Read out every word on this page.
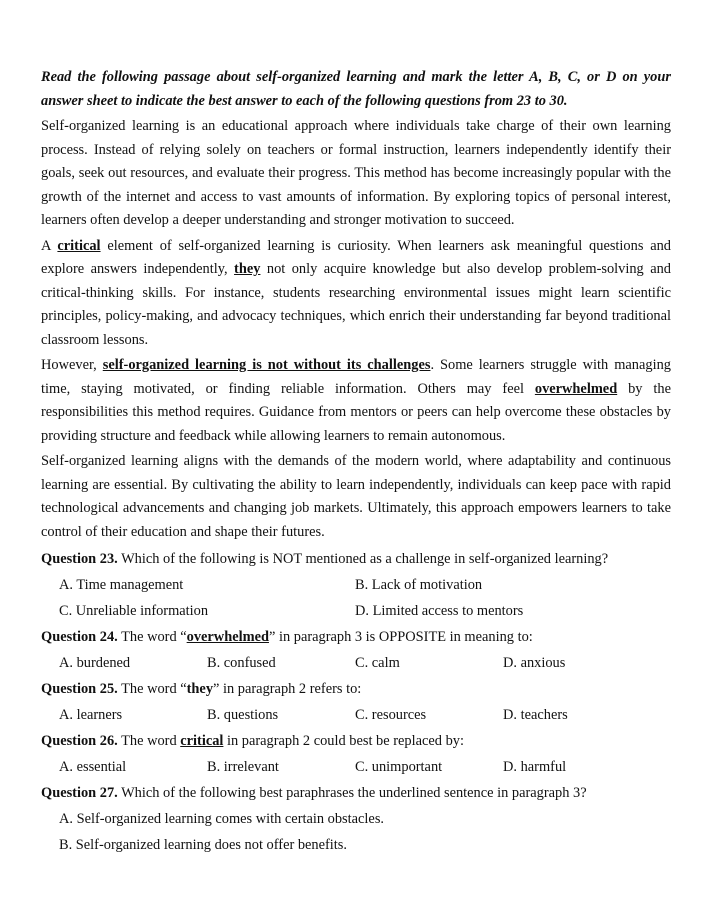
Read the following passage about self-organized learning and mark the letter A, B, C, or D on your answer sheet to indicate the best answer to each of the following questions from 23 to 30.
Self-organized learning is an educational approach where individuals take charge of their own learning process. Instead of relying solely on teachers or formal instruction, learners independently identify their goals, seek out resources, and evaluate their progress. This method has become increasingly popular with the growth of the internet and access to vast amounts of information. By exploring topics of personal interest, learners often develop a deeper understanding and stronger motivation to succeed.
A critical element of self-organized learning is curiosity. When learners ask meaningful questions and explore answers independently, they not only acquire knowledge but also develop problem-solving and critical-thinking skills. For instance, students researching environmental issues might learn scientific principles, policy-making, and advocacy techniques, which enrich their understanding far beyond traditional classroom lessons.
However, self-organized learning is not without its challenges. Some learners struggle with managing time, staying motivated, or finding reliable information. Others may feel overwhelmed by the responsibilities this method requires. Guidance from mentors or peers can help overcome these obstacles by providing structure and feedback while allowing learners to remain autonomous.
Self-organized learning aligns with the demands of the modern world, where adaptability and continuous learning are essential. By cultivating the ability to learn independently, individuals can keep pace with rapid technological advancements and changing job markets. Ultimately, this approach empowers learners to take control of their education and shape their futures.
Question 23. Which of the following is NOT mentioned as a challenge in self-organized learning?
A. Time management	B. Lack of motivation
C. Unreliable information	D. Limited access to mentors
Question 24. The word “overwhelmed” in paragraph 3 is OPPOSITE in meaning to:
A. burdened	B. confused	C. calm	D. anxious
Question 25. The word “they” in paragraph 2 refers to:
A. learners	B. questions	C. resources	D. teachers
Question 26. The word critical in paragraph 2 could best be replaced by:
A. essential	B. irrelevant	C. unimportant	D. harmful
Question 27. Which of the following best paraphrases the underlined sentence in paragraph 3?
A. Self-organized learning comes with certain obstacles.
B. Self-organized learning does not offer benefits.
